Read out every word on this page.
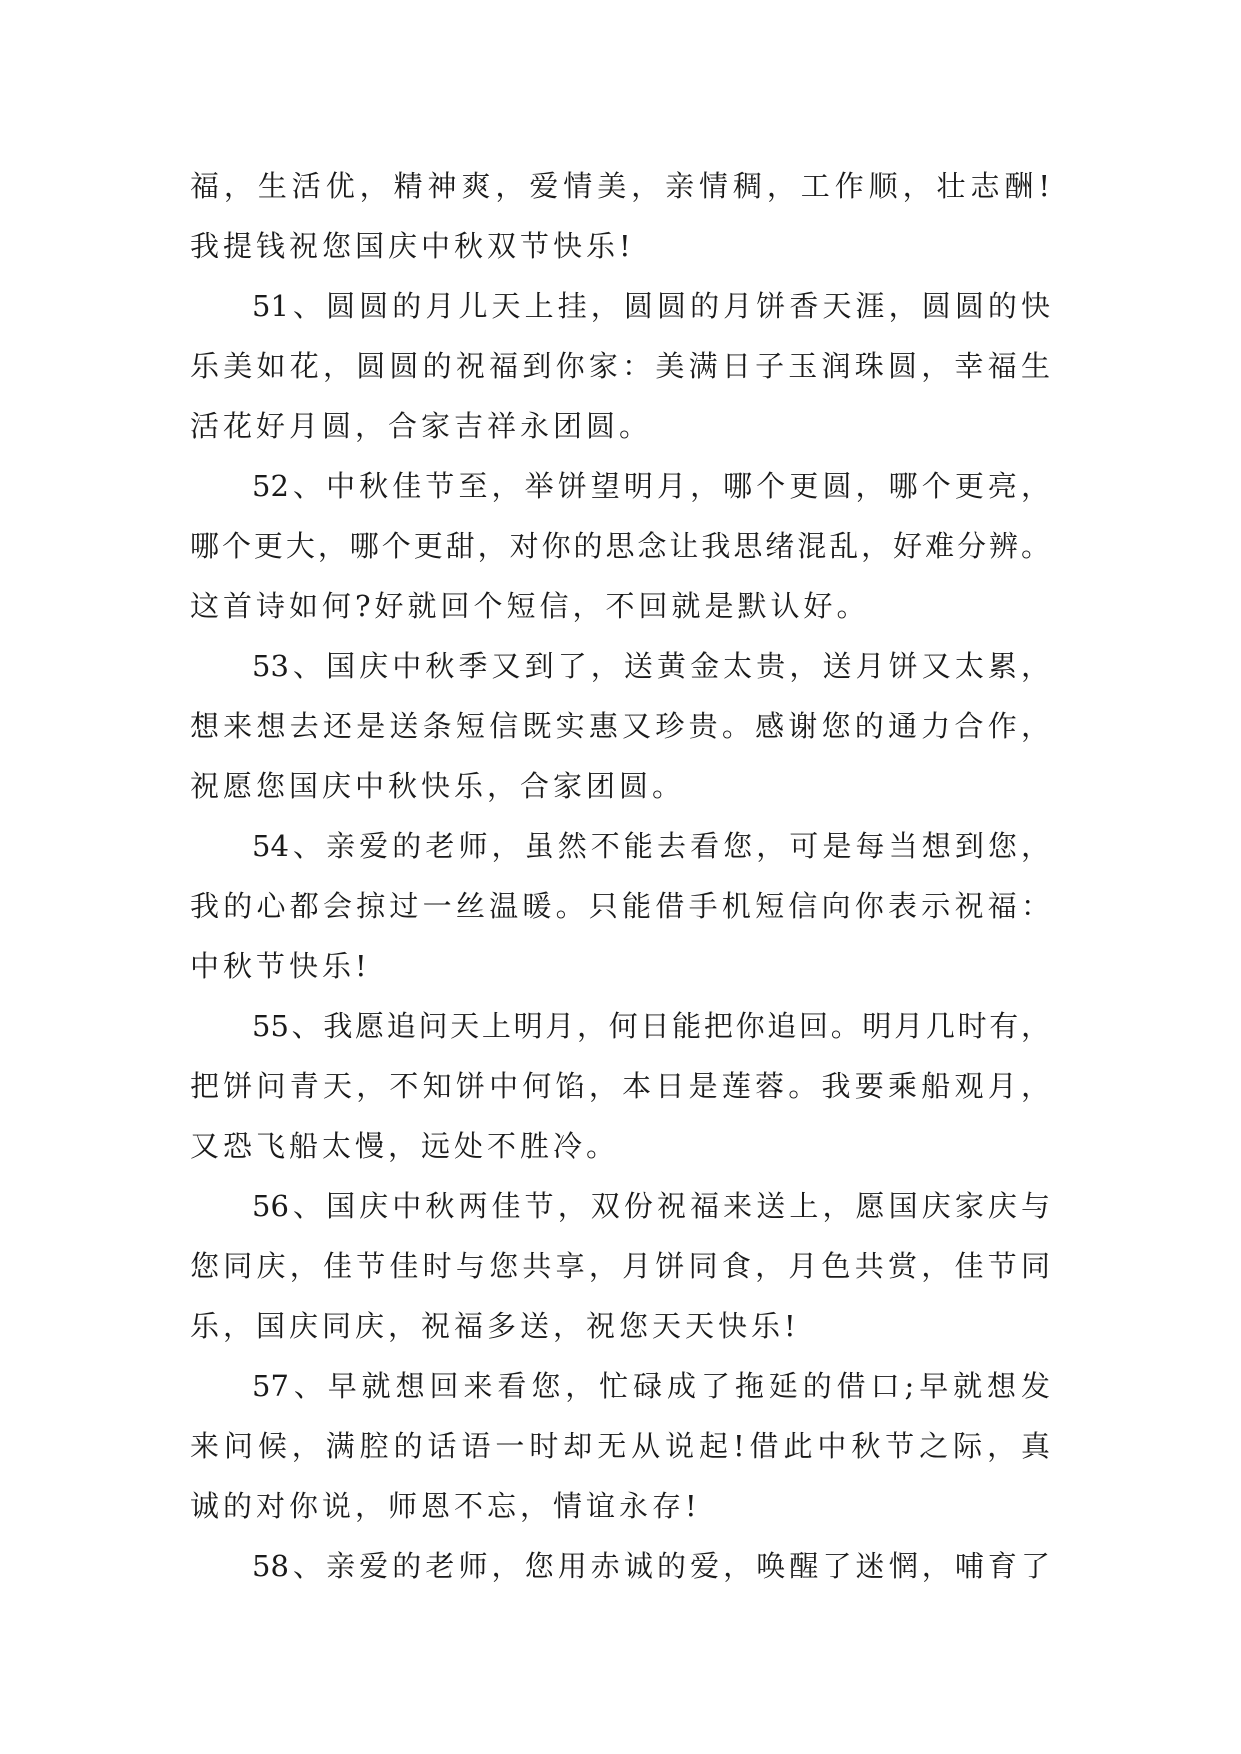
福，生活优，精神爽，爱情美，亲情稠，工作顺，壮志酬!
我提钱祝您国庆中秋双节快乐!
51、圆圆的月儿天上挂，圆圆的月饼香天涯，圆圆的快
乐美如花，圆圆的祝福到你家：美满日子玉润珠圆，幸福生
活花好月圆，合家吉祥永团圆。
52、中秋佳节至，举饼望明月，哪个更圆，哪个更亮，
哪个更大，哪个更甜，对你的思念让我思绪混乱，好难分辨。
这首诗如何?好就回个短信，不回就是默认好。
53、国庆中秋季又到了，送黄金太贵，送月饼又太累，
想来想去还是送条短信既实惠又珍贵。感谢您的通力合作，
祝愿您国庆中秋快乐，合家团圆。
54、亲爱的老师，虽然不能去看您，可是每当想到您，
我的心都会掠过一丝温暖。只能借手机短信向你表示祝福：
中秋节快乐!
55、我愿追问天上明月，何日能把你追回。明月几时有，
把饼问青天，不知饼中何馅，本日是莲蓉。我要乘船观月，
又恐飞船太慢，远处不胜冷。
56、国庆中秋两佳节，双份祝福来送上，愿国庆家庆与
您同庆，佳节佳时与您共享，月饼同食，月色共赏，佳节同
乐，国庆同庆，祝福多送，祝您天天快乐!
57、早就想回来看您，忙碌成了拖延的借口;早就想发
来问候，满腔的话语一时却无从说起!借此中秋节之际，真
诚的对你说，师恩不忘，情谊永存!
58、亲爱的老师，您用赤诚的爱，唤醒了迷惘，哺育了
